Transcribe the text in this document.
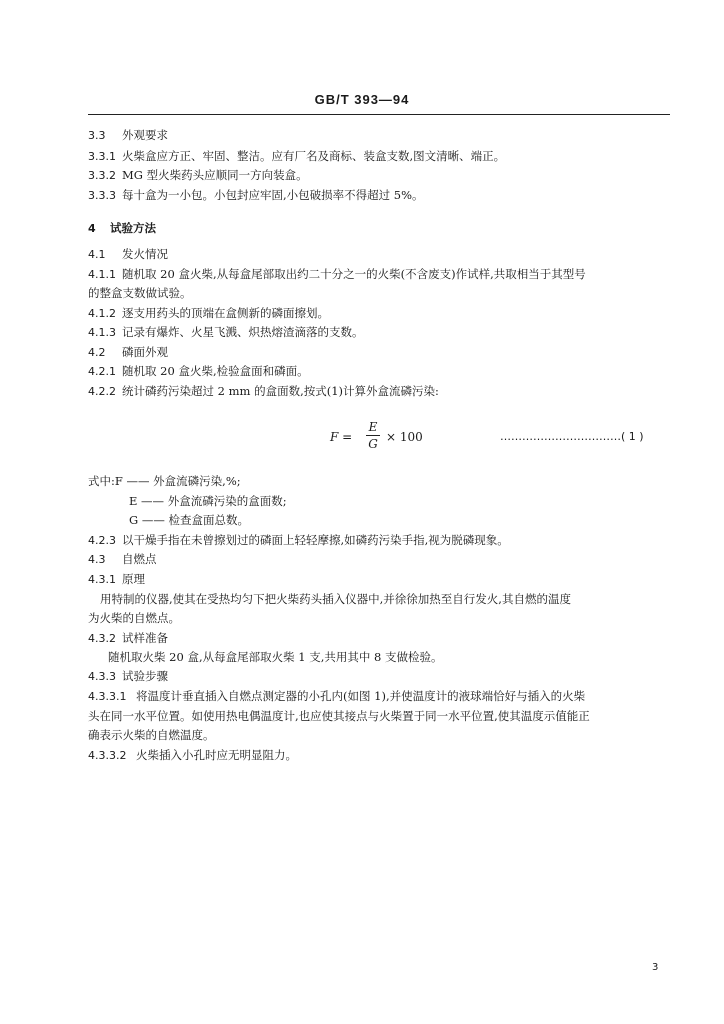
GB/T 393—94
3.3 外观要求
3.3.1 火柴盒应方正、牢固、整洁。应有厂名及商标、装盒支数,图文清晰、端正。
3.3.2 MG 型火柴药头应顺同一方向装盒。
3.3.3 每十盒为一小包。小包封应牢固,小包破损率不得超过 5%。
4 试验方法
4.1 发火情况
4.1.1 随机取 20 盒火柴,从每盒尾部取出约二十分之一的火柴(不含废支)作试样,共取相当于其型号
的整盒支数做试验。
4.1.2 逐支用药头的顶端在盒侧新的磷面擦划。
4.1.3 记录有爆炸、火星飞溅、炽热熔渣滴落的支数。
4.2 磷面外观
4.2.1 随机取 20 盒火柴,检验盒面和磷面。
4.2.2 统计磷药污染超过 2 mm 的盒面数,按式(1)计算外盒流磷污染:
F =
E
G × 100	……………………………( 1 )
式中:F —— 外盒流磷污染,%;
E —— 外盒流磷污染的盒面数;
G —— 检查盒面总数。
4.2.3 以干燥手指在未曾擦划过的磷面上轻轻摩擦,如磷药污染手指,视为脱磷现象。
4.3 自燃点
4.3.1 原理
用特制的仪器,使其在受热均匀下把火柴药头插入仪器中,并徐徐加热至自行发火,其自燃的温度
为火柴的自燃点。
4.3.2 试样准备
随机取火柴 20 盒,从每盒尾部取火柴 1 支,共用其中 8 支做检验。
4.3.3 试验步骤
4.3.3.1 将温度计垂直插入自燃点测定器的小孔内(如图 1),并使温度计的液球端恰好与插入的火柴
头在同一水平位置。如使用热电偶温度计,也应使其接点与火柴置于同一水平位置,使其温度示值能正
确表示火柴的自燃温度。
4.3.3.2 火柴插入小孔时应无明显阻力。
3
